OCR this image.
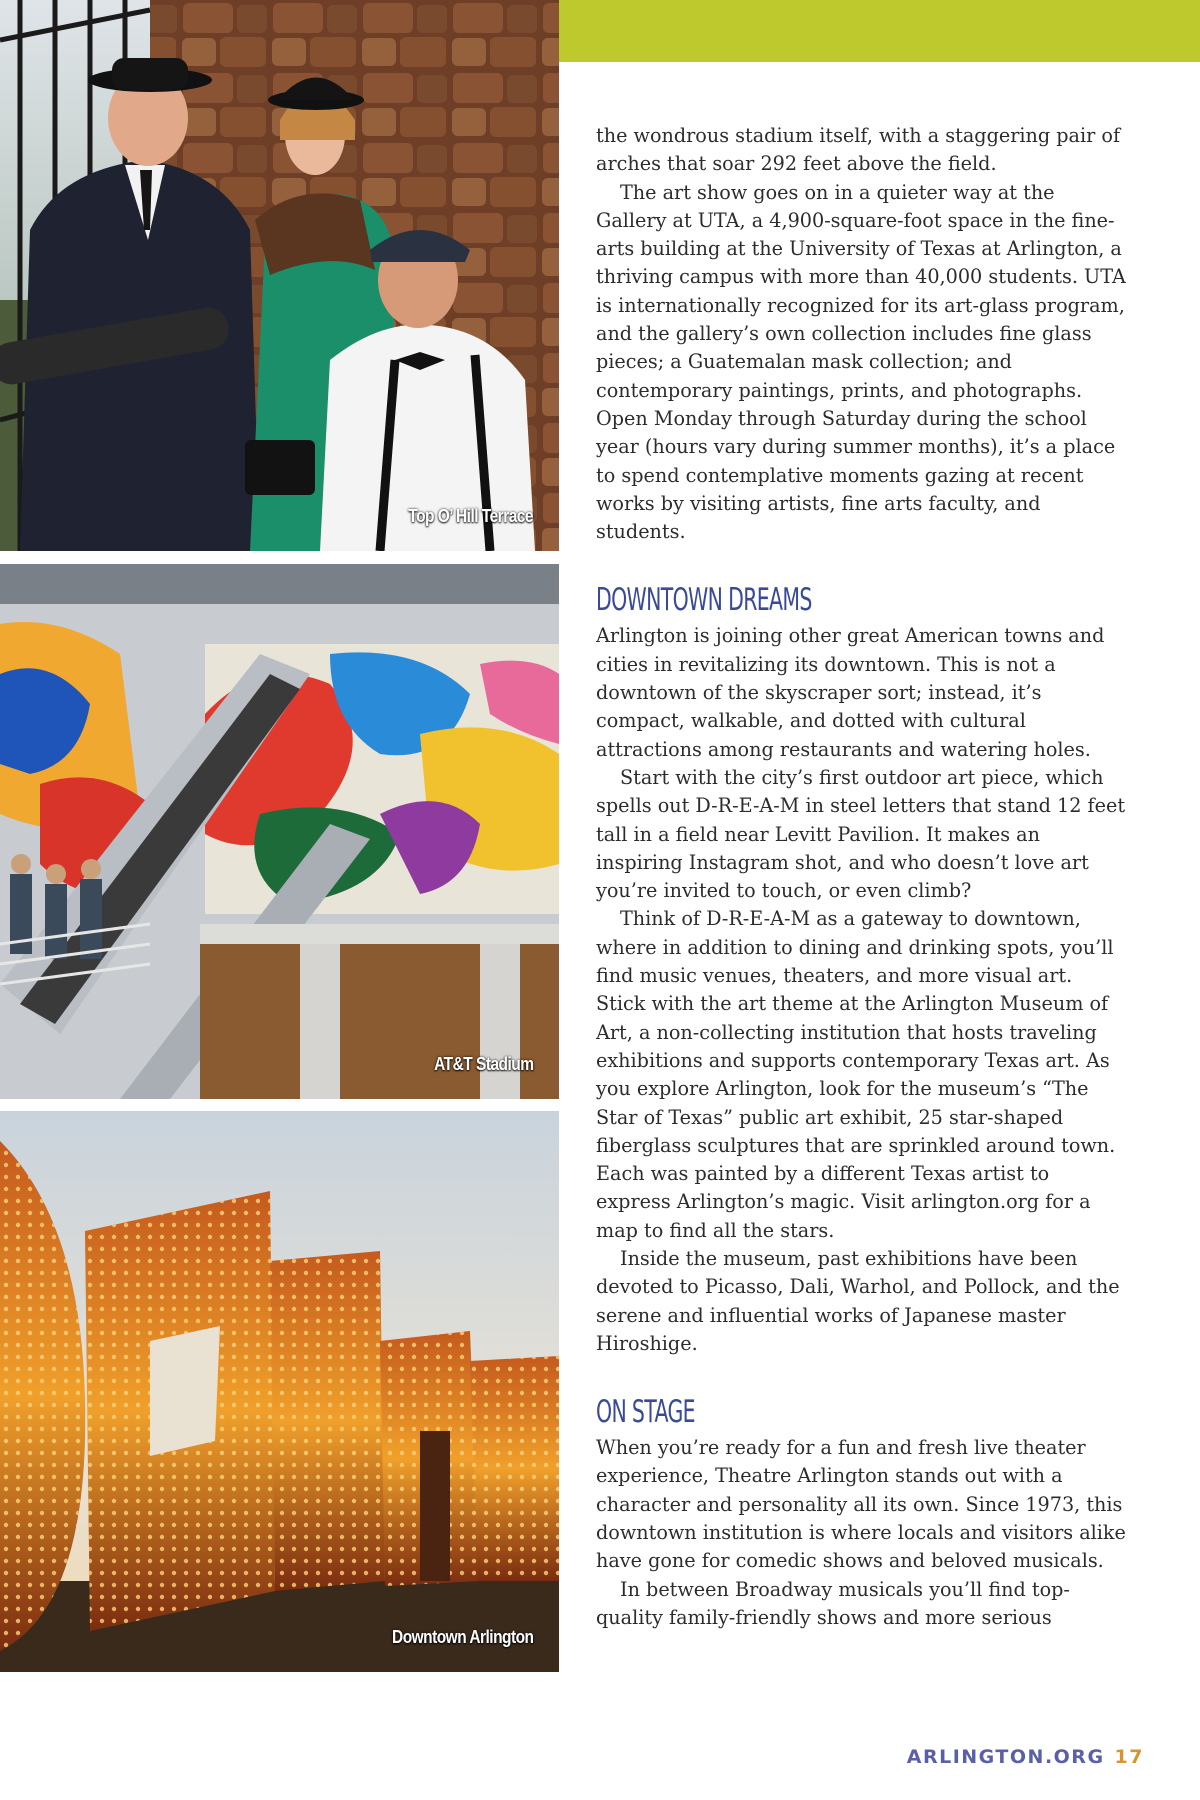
Top O’ Hill Terrace
AT&T Stadium
Downtown Arlington

the wondrous stadium itself, with a staggering pair of arches that soar 292 feet above the field.

The art show goes on in a quieter way at the Gallery at UTA, a 4,900-square-foot space in the fine-arts building at the University of Texas at Arlington, a thriving campus with more than 40,000 students. UTA is internationally recognized for its art-glass program, and the gallery’s own collection includes fine glass pieces; a Guatemalan mask collection; and contemporary paintings, prints, and photographs. Open Monday through Saturday during the school year (hours vary during summer months), it’s a place to spend contemplative moments gazing at recent works by visiting artists, fine arts faculty, and students.

DOWNTOWN DREAMS

Arlington is joining other great American towns and cities in revitalizing its downtown. This is not a downtown of the skyscraper sort; instead, it’s compact, walkable, and dotted with cultural attractions among restaurants and watering holes.

Start with the city’s first outdoor art piece, which spells out D-R-E-A-M in steel letters that stand 12 feet tall in a field near Levitt Pavilion. It makes an inspiring Instagram shot, and who doesn’t love art you’re invited to touch, or even climb?

Think of D-R-E-A-M as a gateway to downtown, where in addition to dining and drinking spots, you’ll find music venues, theaters, and more visual art. Stick with the art theme at the Arlington Museum of Art, a non-collecting institution that hosts traveling exhibitions and supports contemporary Texas art. As you explore Arlington, look for the museum’s “The Star of Texas” public art exhibit, 25 star-shaped fiberglass sculptures that are sprinkled around town. Each was painted by a different Texas artist to express Arlington’s magic. Visit arlington.org for a map to find all the stars.

Inside the museum, past exhibitions have been devoted to Picasso, Dali, Warhol, and Pollock, and the serene and influential works of Japanese master Hiroshige.

ON STAGE

When you’re ready for a fun and fresh live theater experience, Theatre Arlington stands out with a character and personality all its own. Since 1973, this downtown institution is where locals and visitors alike have gone for comedic shows and beloved musicals.

In between Broadway musicals you’ll find top-quality family-friendly shows and more serious

ARLINGTON.ORG 17
